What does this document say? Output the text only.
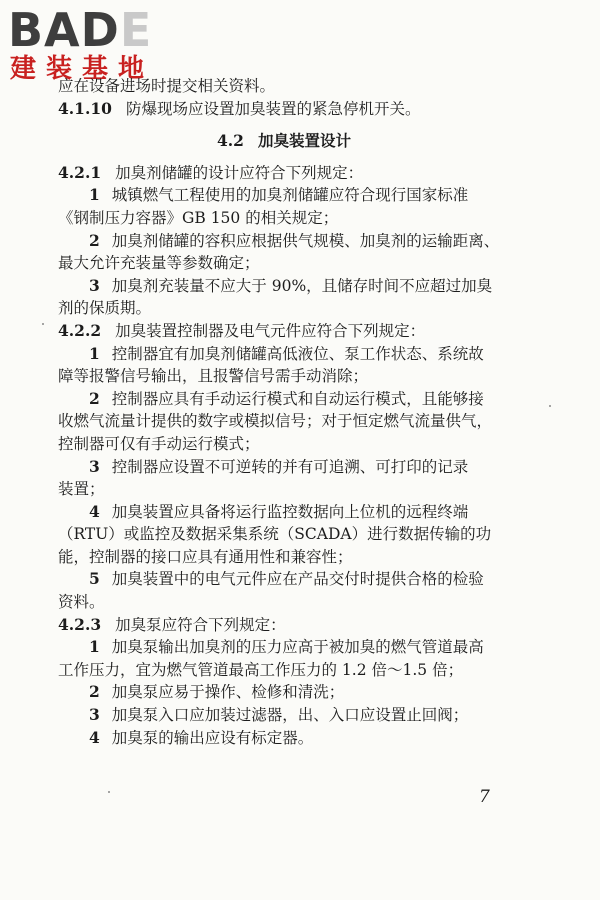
BADE
建装基地
应在设备进场时提交相关资料。
4.1.10 防爆现场应设置加臭装置的紧急停机开关。
4.2 加臭装置设计
4.2.1 加臭剂储罐的设计应符合下列规定：
1 城镇燃气工程使用的加臭剂储罐应符合现行国家标准
《钢制压力容器》GB 150 的相关规定；
2 加臭剂储罐的容积应根据供气规模、加臭剂的运输距离、
最大允许充装量等参数确定；
3 加臭剂充装量不应大于 90%，且储存时间不应超过加臭
剂的保质期。
4.2.2 加臭装置控制器及电气元件应符合下列规定：
1 控制器宜有加臭剂储罐高低液位、泵工作状态、系统故
障等报警信号输出，且报警信号需手动消除；
2 控制器应具有手动运行模式和自动运行模式，且能够接
收燃气流量计提供的数字或模拟信号；对于恒定燃气流量供气，
控制器可仅有手动运行模式；
3 控制器应设置不可逆转的并有可追溯、可打印的记录
装置；
4 加臭装置应具备将运行监控数据向上位机的远程终端
（RTU）或监控及数据采集系统（SCADA）进行数据传输的功
能，控制器的接口应具有通用性和兼容性；
5 加臭装置中的电气元件应在产品交付时提供合格的检验
资料。
4.2.3 加臭泵应符合下列规定：
1 加臭泵输出加臭剂的压力应高于被加臭的燃气管道最高
工作压力，宜为燃气管道最高工作压力的 1.2 倍～1.5 倍；
2 加臭泵应易于操作、检修和清洗；
3 加臭泵入口应加装过滤器，出、入口应设置止回阀；
4 加臭泵的输出应设有标定器。
7
